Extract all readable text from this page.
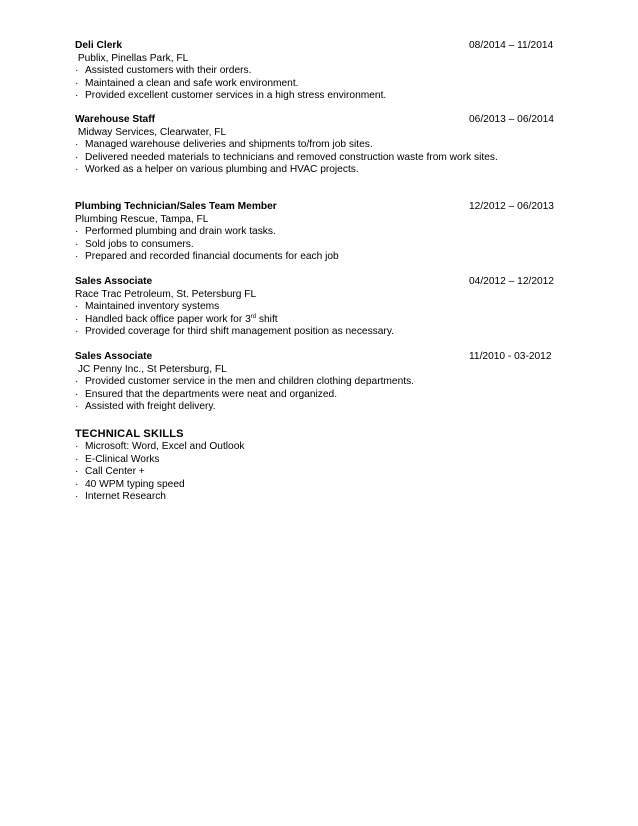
Deli Clerk	08/2014 – 11/2014
Publix, Pinellas Park, FL
· Assisted customers with their orders.
· Maintained a clean and safe work environment.
· Provided excellent customer services in a high stress environment.
Warehouse Staff	06/2013 – 06/2014
Midway Services, Clearwater, FL
· Managed warehouse deliveries and shipments to/from job sites.
· Delivered needed materials to technicians and removed construction waste from work sites.
· Worked as a helper on various plumbing and HVAC projects.
Plumbing Technician/Sales Team Member	12/2012 – 06/2013
Plumbing Rescue, Tampa, FL
· Performed plumbing and drain work tasks.
· Sold jobs to consumers.
· Prepared and recorded financial documents for each job
Sales Associate	04/2012 – 12/2012
Race Trac Petroleum, St. Petersburg FL
· Maintained inventory systems
· Handled back office paper work for 3rd shift
· Provided coverage for third shift management position as necessary.
Sales Associate	11/2010 - 03-2012
JC Penny Inc., St Petersburg, FL
· Provided customer service in the men and children clothing departments.
· Ensured that the departments were neat and organized.
· Assisted with freight delivery.
TECHNICAL SKILLS
· Microsoft: Word, Excel and Outlook
· E-Clinical Works
· Call Center +
· 40 WPM typing speed
· Internet Research
